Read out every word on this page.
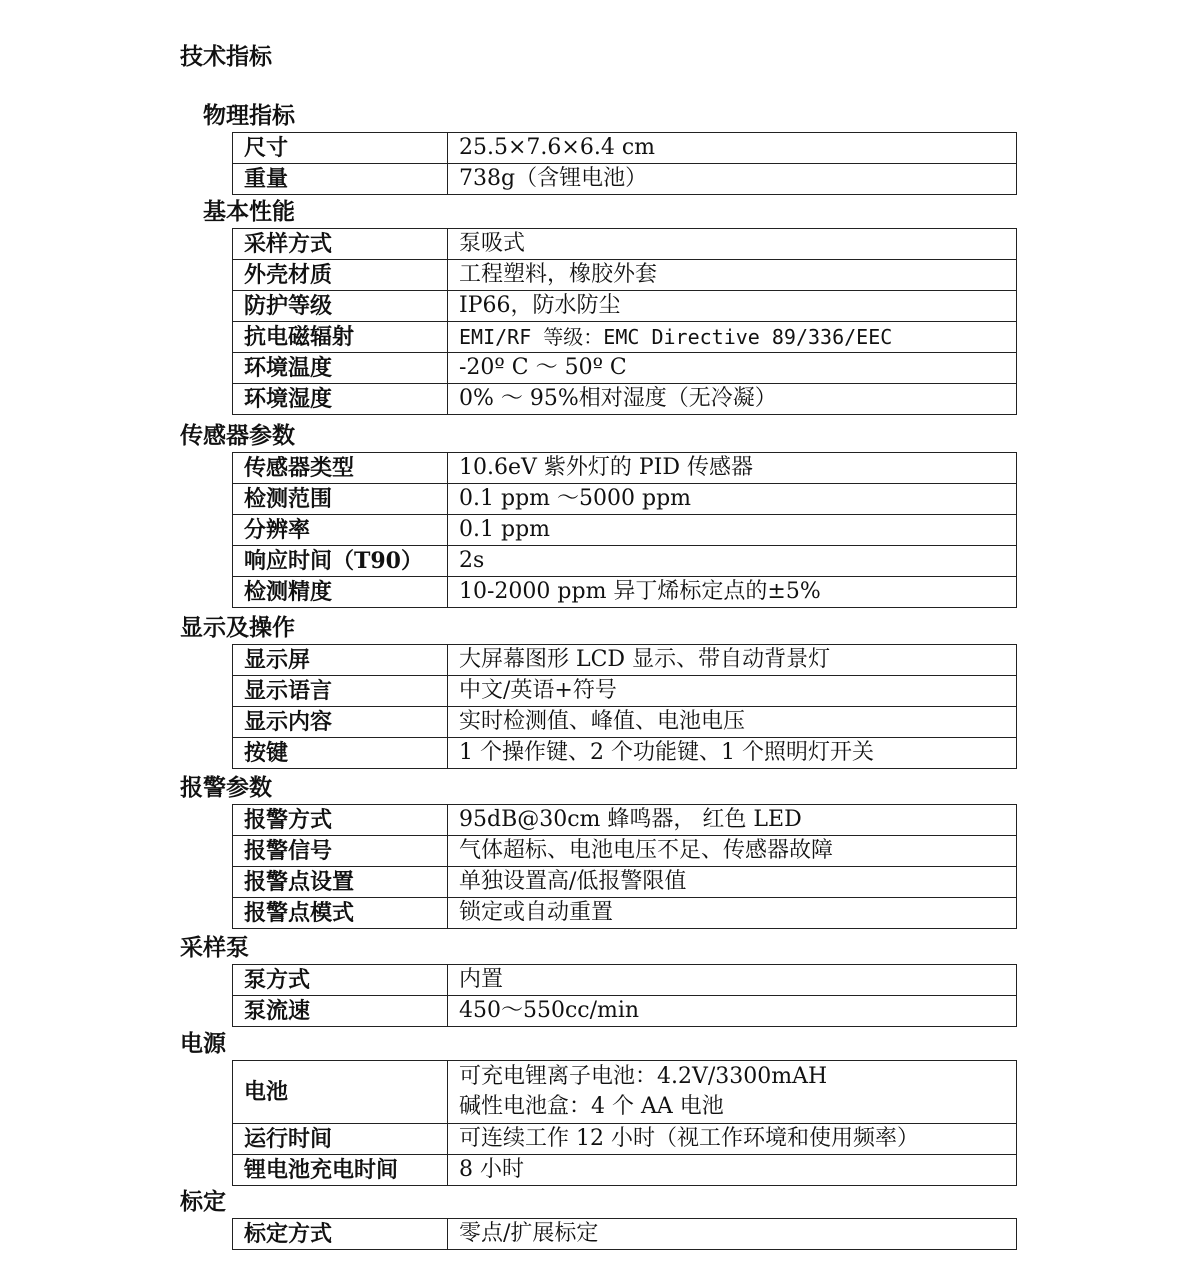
技术指标
物理指标
尺寸	25.5×7.6×6.4 cm
重量	738g（含锂电池）
基本性能
采样方式	泵吸式
外壳材质	工程塑料，橡胶外套
防护等级	IP66，防水防尘
抗电磁辐射	EMI/RF 等级：EMC Directive 89/336/EEC
环境温度	-20º C ～ 50º C
环境湿度	0% ～ 95%相对湿度（无冷凝）
传感器参数
传感器类型	10.6eV 紫外灯的 PID 传感器
检测范围	0.1 ppm ～5000 ppm
分辨率	0.1 ppm
响应时间（T90）	2s
检测精度	10-2000 ppm 异丁烯标定点的±5%
显示及操作
显示屏	大屏幕图形 LCD 显示、带自动背景灯
显示语言	中文/英语+符号
显示内容	实时检测值、峰值、电池电压
按键	1 个操作键、2 个功能键、1 个照明灯开关
报警参数
报警方式	95dB@30cm 蜂鸣器， 红色 LED
报警信号	气体超标、电池电压不足、传感器故障
报警点设置	单独设置高/低报警限值
报警点模式	锁定或自动重置
采样泵
泵方式	内置
泵流速	450～550cc/min
电源
电池	可充电锂离子电池：4.2V/3300mAH
碱性电池盒：4 个 AA 电池

运行时间	可连续工作 12 小时（视工作环境和使用频率）
锂电池充电时间	8 小时
标定
标定方式	零点/扩展标定
